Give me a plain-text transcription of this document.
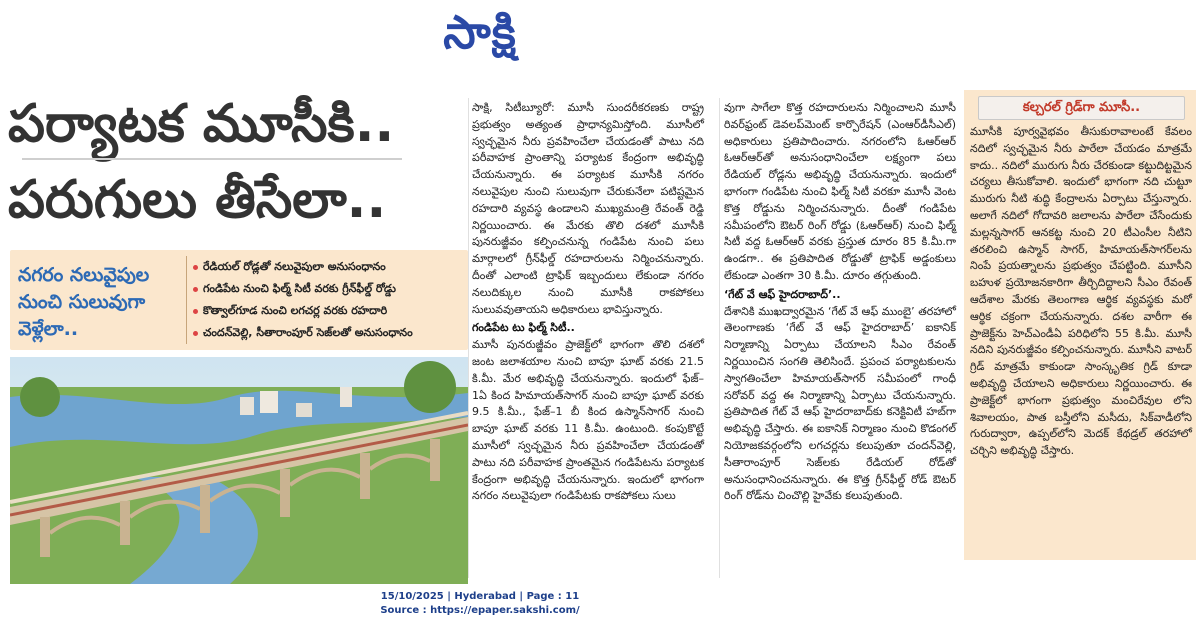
సాక్షి
పర్యాటక మూసీకి..
పరుగులు తీసేలా..
నగరం నలువైపుల
నుంచి సులువుగా
వెళ్లేలా..
రేడియల్ రోడ్లతో నలువైపులా అనుసంధానం
గండిపేట నుంచి ఫిల్మ్ సిటీ వరకు గ్రీన్‌ఫీల్డ్ రోడ్డు
కొత్వాల్‌గూడ నుంచి లగచర్ల వరకు రహదారి
చందన్‌వెల్లి, సీతారాంపూర్ సెజ్‌లతో అనుసంధానం

సాక్షి, సిటీబ్యూరో: మూసీ సుందరీకరణకు రాష్ట్ర ప్రభుత్వం అత్యంత ప్రాధాన్యమిస్తోంది. మూసీలో స్వచ్ఛమైన నీరు ప్రవహించేలా చేయడంతో పాటు నది పరీవాహక ప్రాంతాన్ని పర్యాటక కేంద్రంగా అభివృద్ధి చేయనున్నారు. ఈ పర్యాటక మూసీకి నగరం నలువైపుల నుంచి సులువుగా చేరుకునేలా పటిష్టమైన రహదారి వ్యవస్థ ఉండాలని ముఖ్యమంత్రి రేవంత్ రెడ్డి నిర్ణయించారు. ఈ మేరకు తొలి దశలో మూసీకి పునరుజ్జీవం కల్పించనున్న గండిపేట నుంచి పలు మార్గాలలో గ్రీన్‌ఫీల్డ్ రహదారులను నిర్మించనున్నారు. దీంతో ఎలాంటి ట్రాఫిక్ ఇబ్బందులు లేకుండా నగరం నలుదిక్కుల నుంచి మూసీకి రాకపోకలు సులువవుతాయని అధికారులు భావిస్తున్నారు.

గండిపేట టు ఫిల్మ్ సిటీ..

మూసీ పునరుజ్జీవం ప్రాజెక్ట్‌లో భాగంగా తొలి దశలో జంట జలాశయాల నుంచి బాపూ ఘాట్ వరకు 21.5 కి.మీ. మేర అభివృద్ధి చేయనున్నారు. ఇందులో ఫేజ్–1ఏ కింద హిమాయత్‌సాగర్ నుంచి బాపూ ఘాట్ వరకు 9.5 కి.మీ., ఫేజ్–1 బీ కింద ఉస్మాన్‌సాగర్ నుంచి బాపూ ఘాట్ వరకు 11 కి.మీ. ఉంటుంది. కంపుకొట్టే మూసీలో స్వచ్ఛమైన నీరు ప్రవహించేలా చేయడంతో పాటు నది పరీవాహక ప్రాంతమైన గండిపేటను పర్యాటక కేంద్రంగా అభివృద్ధి చేయనున్నారు. ఇందులో భాగంగా నగరం నలువైపులా గండిపేటకు రాకపోకలు సులు

వుగా సాగేలా కొత్త రహదారులను నిర్మించాలని మూసీ రివర్‌ఫ్రంట్ డెవలప్‌మెంట్ కార్పొరేషన్ (ఎంఆర్‌డీసీఎల్) అధికారులు ప్రతిపాదించారు. నగరంలోని ఓఆర్‌ఆర్ ఓఆర్‌ఆర్‌తో అనుసంధానించేలా లక్ష్యంగా పలు రేడియల్ రోడ్లను అభివృద్ధి చేయనున్నారు. ఇందులో భాగంగా గండిపేట నుంచి ఫిల్మ్ సిటీ వరకూ మూసీ వెంట కొత్త రోడ్డును నిర్మించనున్నారు. దీంతో గండిపేట సమీపంలోని ఔటర్ రింగ్ రోడ్డు (ఓఆర్‌ఆర్) నుంచి ఫిల్మ్ సిటీ వద్ద ఓఆర్‌ఆర్ వరకు ప్రస్తుత దూరం 85 కి.మీ.గా ఉండగా.. ఈ ప్రతిపాదిత రోడ్డుతో ట్రాఫిక్ అడ్డంకులు లేకుండా ఎంతగా 30 కి.మీ. దూరం తగ్గుతుంది.

‘గేట్ వే ఆఫ్ హైదరాబాద్’..

దేశానికి ముఖద్వారమైన ‘గేట్ వే ఆఫ్ ముంబై’ తరహాలో తెలంగాణకు ‘గేట్ వే ఆఫ్ హైదరాబాద్’ ఐకానిక్ నిర్మాణాన్ని ఏర్పాటు చేయాలని సీఎం రేవంత్ నిర్ణయించిన సంగతి తెలిసిందే. ప్రపంచ పర్యాటకులను స్వాగతించేలా హిమాయత్‌సాగర్ సమీపంలో గాంధీ సరోవర్ వద్ద ఈ నిర్మాణాన్ని ఏర్పాటు చేయనున్నారు. ప్రతిపాదిత గేట్ వే ఆఫ్ హైదరాబాద్‌కు కనెక్టివిటీ హబ్‌గా అభివృద్ధి చేస్తారు. ఈ ఐకానిక్ నిర్మాణం నుంచి కొడంగల్ నియోజకవర్గంలోని లగచర్లను కలుపుతూ చందన్‌వెల్లి, సీతారాంపూర్ సెజ్‌లకు రేడియల్ రోడ్‌తో అనుసంధానించనున్నారు. ఈ కొత్త గ్రీన్‌ఫీల్డ్ రోడ్ ఔటర్ రింగ్ రోడ్‌ను చించొల్లి హైవేకు కలుపుతుంది.

కల్చరల్ గ్రిడ్‌గా మూసీ..

మూసీకి పూర్వవైభవం తీసుకురావాలంటే కేవలం నదిలో స్వచ్ఛమైన నీరు పారేలా చేయడం మాత్రమే కాదు.. నదిలో మురుగు నీరు చేరకుండా కట్టుదిట్టమైన చర్యలు తీసుకోవాలి. ఇందులో భాగంగా నది చుట్టూ మురుగు నీటి శుద్ధి కేంద్రాలను ఏర్పాటు చేస్తున్నారు. అలాగే నదిలో గోదావరి జలాలను పారేలా చేసేందుకు మల్లన్నసాగర్ ఆనకట్ట నుంచి 20 టీఎంసీల నీటిని తరలించి ఉస్మాన్ సాగర్, హిమాయత్‌సాగర్‌లను నింపే ప్రయత్నాలను ప్రభుత్వం చేపట్టింది. మూసీని బహుళ ప్రయోజనకారిగా తీర్చిదిద్దాలని సీఎం రేవంత్ ఆదేశాల మేరకు తెలంగాణ ఆర్థిక వ్యవస్థకు మరో ఆర్థిక చక్రంగా చేయనున్నారు. దశల వారీగా ఈ ప్రాజెక్ట్‌ను హెచ్‌ఎండీఏ పరిధిలోని 55 కి.మీ. మూసీ నదిని పునరుజ్జీవం కల్పించనున్నారు. మూసీని వాటర్ గ్రిడ్ మాత్రమే కాకుండా సాంస్కృతిక గ్రిడ్ కూడా అభివృద్ధి చేయాలని అధికారులు నిర్ణయించారు. ఈ ప్రాజెక్ట్‌లో భాగంగా ప్రభుత్వం మంచిరేవుల లోని శివాలయం, పాత బస్తీలోని మసీదు, సిక్‌వాడీలోని గురుద్వారా, ఉప్పల్‌లోని మెదక్ కేథడ్రల్ తరహాలో చర్చిని అభివృద్ధి చేస్తారు.

15/10/2025 | Hyderabad | Page : 11
Source : https://epaper.sakshi.com/
